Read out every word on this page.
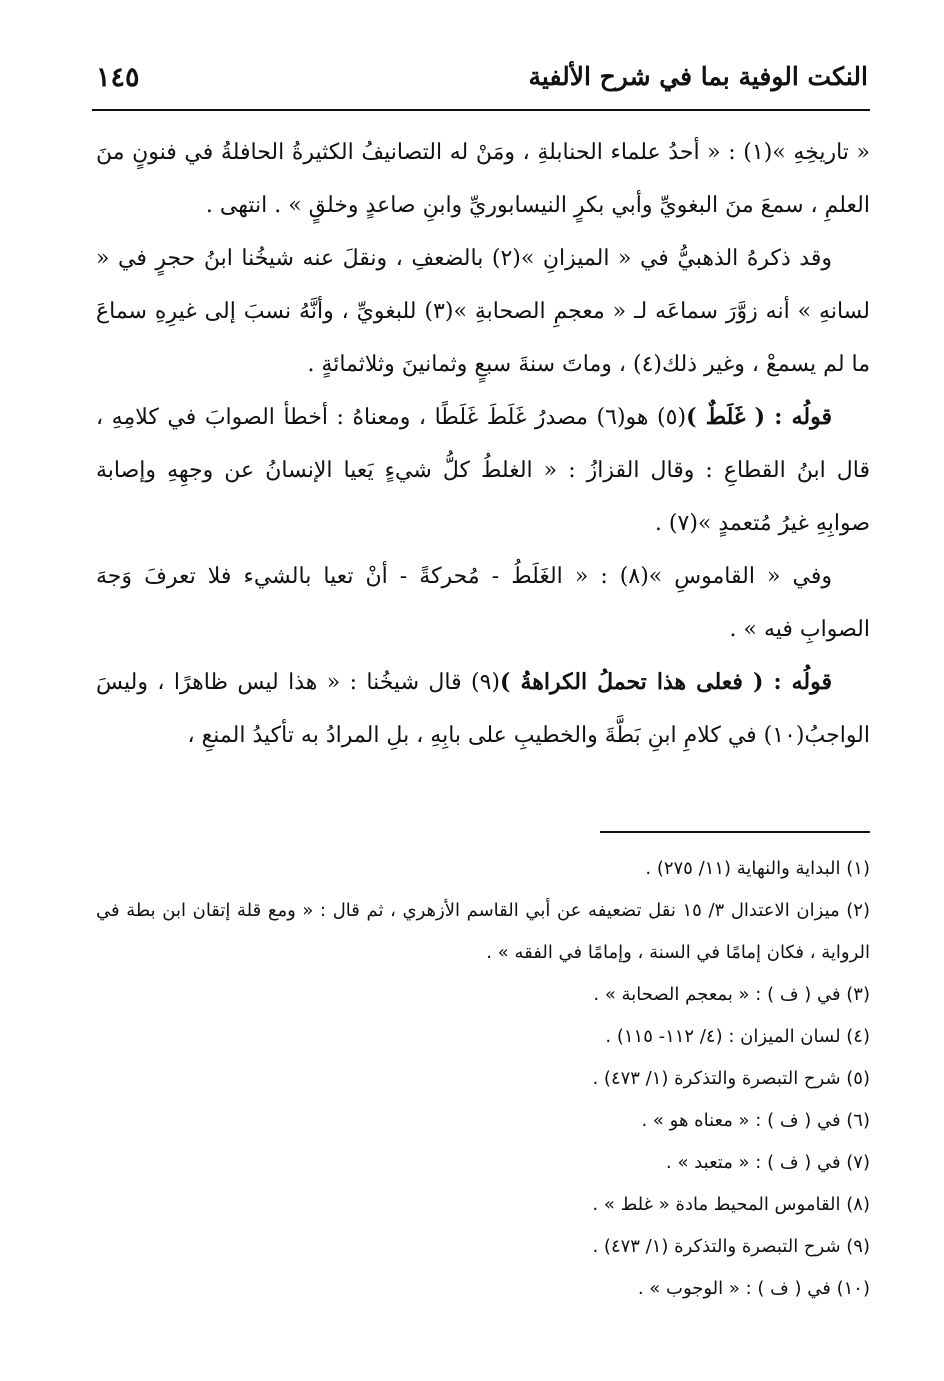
النكت الوفية بما في شرح الألفية
١٤٥

« تاريخِهِ »(١) : « أحدُ علماء الحنابلةِ ، ومَنْ له التصانيفُ الكثيرةُ الحافلةُ في فنونٍ منَ العلمِ ، سمعَ منَ البغويِّ وأبي بكرٍ النيسابوريِّ وابنِ صاعدٍ وخلقٍ » . انتهى .

وقد ذكرهُ الذهبيُّ في « الميزانِ »(٢) بالضعفِ ، ونقلَ عنه شيخُنا ابنُ حجرٍ في « لسانهِ » أنه زوَّرَ سماعَه لـ « معجمِ الصحابةِ »(٣) للبغويِّ ، وأنَّهُ نسبَ إلى غيرِهِ سماعَ ما لم يسمعْ ، وغير ذلك(٤) ، وماتَ سنةَ سبعٍ وثمانينَ وثلاثمائةٍ .

قولُه : ( غَلَطٌ )(٥) هو(٦) مصدرُ غَلَطَ غَلَطًا ، ومعناهُ : أخطأ الصوابَ في كلامِهِ ، قال ابنُ القطاعِ : وقال القزازُ : « الغلطُ كلُّ شيءٍ يَعيا الإنسانُ عن وجهِهِ وإصابة صوابِهِ غيرُ مُتعمدٍ »(٧) .

وفي « القاموسِ »(٨) : « الغَلَطُ - مُحركةً - أنْ تعيا بالشيء فلا تعرفَ وَجهَ الصوابِ فيه » .

قولُه : ( فعلى هذا تحملُ الكراهةُ )(٩) قال شيخُنا : « هذا ليس ظاهرًا ، وليسَ الواجبُ(١٠) في كلامِ ابنِ بَطَّةَ والخطيبِ على بابِهِ ، بلِ المرادُ به تأكيدُ المنعِ ،

(١) البداية والنهاية (١١/ ٢٧٥) .

(٢) ميزان الاعتدال ٣/ ١٥ نقل تضعيفه عن أبي القاسم الأزهري ، ثم قال : « ومع قلة إتقان ابن بطة في الرواية ، فكان إمامًا في السنة ، وإمامًا في الفقه » .

(٣) في ( ف ) : « بمعجم الصحابة » .

(٤) لسان الميزان : (٤/ ١١٢- ١١٥) .

(٥) شرح التبصرة والتذكرة (١/ ٤٧٣) .

(٦) في ( ف ) : « معناه هو » .

(٧) في ( ف ) : « متعبد » .

(٨) القاموس المحيط مادة « غلط » .

(٩) شرح التبصرة والتذكرة (١/ ٤٧٣) .

(١٠) في ( ف ) : « الوجوب » .
